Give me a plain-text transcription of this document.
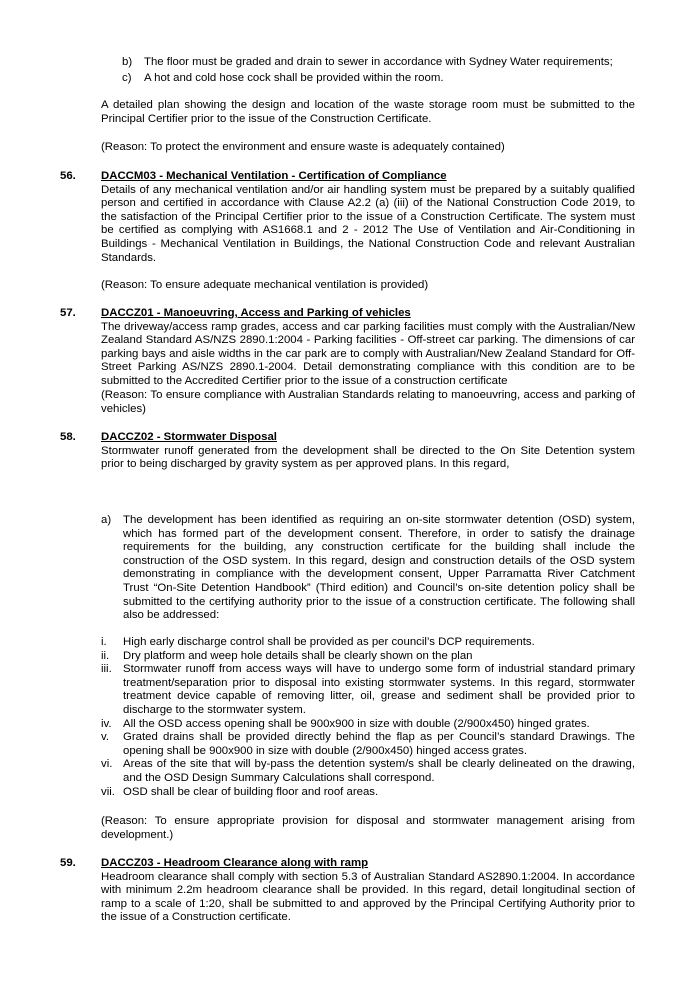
b)	The floor must be graded and drain to sewer in accordance with Sydney Water requirements;
c)	A hot and cold hose cock shall be provided within the room.
A detailed plan showing the design and location of the waste storage room must be submitted to the Principal Certifier prior to the issue of the Construction Certificate.
(Reason: To protect the environment and ensure waste is adequately contained)
56. DACCM03 - Mechanical Ventilation - Certification of Compliance
Details of any mechanical ventilation and/or air handling system must be prepared by a suitably qualified person and certified in accordance with Clause A2.2 (a) (iii) of the National Construction Code 2019, to the satisfaction of the Principal Certifier prior to the issue of a Construction Certificate. The system must be certified as complying with AS1668.1 and 2 - 2012 The Use of Ventilation and Air-Conditioning in Buildings - Mechanical Ventilation in Buildings, the National Construction Code and relevant Australian Standards.
(Reason: To ensure adequate mechanical ventilation is provided)
57. DACCZ01 - Manoeuvring, Access and Parking of vehicles
The driveway/access ramp grades, access and car parking facilities must comply with the Australian/New Zealand Standard AS/NZS 2890.1:2004 - Parking facilities - Off-street car parking. The dimensions of car parking bays and aisle widths in the car park are to comply with Australian/New Zealand Standard for Off-Street Parking AS/NZS 2890.1-2004. Detail demonstrating compliance with this condition are to be submitted to the Accredited Certifier prior to the issue of a construction certificate
(Reason: To ensure compliance with Australian Standards relating to manoeuvring, access and parking of vehicles)
58. DACCZ02 - Stormwater Disposal
Stormwater runoff generated from the development shall be directed to the On Site Detention system prior to being discharged by gravity system as per approved plans. In this regard,
a)	The development has been identified as requiring an on-site stormwater detention (OSD) system, which has formed part of the development consent. Therefore, in order to satisfy the drainage requirements for the building, any construction certificate for the building shall include the construction of the OSD system. In this regard, design and construction details of the OSD system demonstrating in compliance with the development consent, Upper Parramatta River Catchment Trust “On-Site Detention Handbook” (Third edition) and Council’s on-site detention policy shall be submitted to the certifying authority prior to the issue of a construction certificate. The following shall also be addressed:
i.	High early discharge control shall be provided as per council’s DCP requirements.
ii.	Dry platform and weep hole details shall be clearly shown on the plan
iii. Stormwater runoff from access ways will have to undergo some form of industrial standard primary treatment/separation prior to disposal into existing stormwater systems. In this regard, stormwater treatment device capable of removing litter, oil, grease and sediment shall be provided prior to discharge to the stormwater system.
iv.	All the OSD access opening shall be 900x900 in size with double (2/900x450) hinged grates.
v.	Grated drains shall be provided directly behind the flap as per Council’s standard Drawings. The opening shall be 900x900 in size with double (2/900x450) hinged access grates.
vi. Areas of the site that will by-pass the detention system/s shall be clearly delineated on the drawing, and the OSD Design Summary Calculations shall correspond.
vii. OSD shall be clear of building floor and roof areas.
(Reason: To ensure appropriate provision for disposal and stormwater management arising from development.)
59. DACCZ03 - Headroom Clearance along with ramp
Headroom clearance shall comply with section 5.3 of Australian Standard AS2890.1:2004. In accordance with minimum 2.2m headroom clearance shall be provided. In this regard, detail longitudinal section of ramp to a scale of 1:20, shall be submitted to and approved by the Principal Certifying Authority prior to the issue of a Construction certificate.
